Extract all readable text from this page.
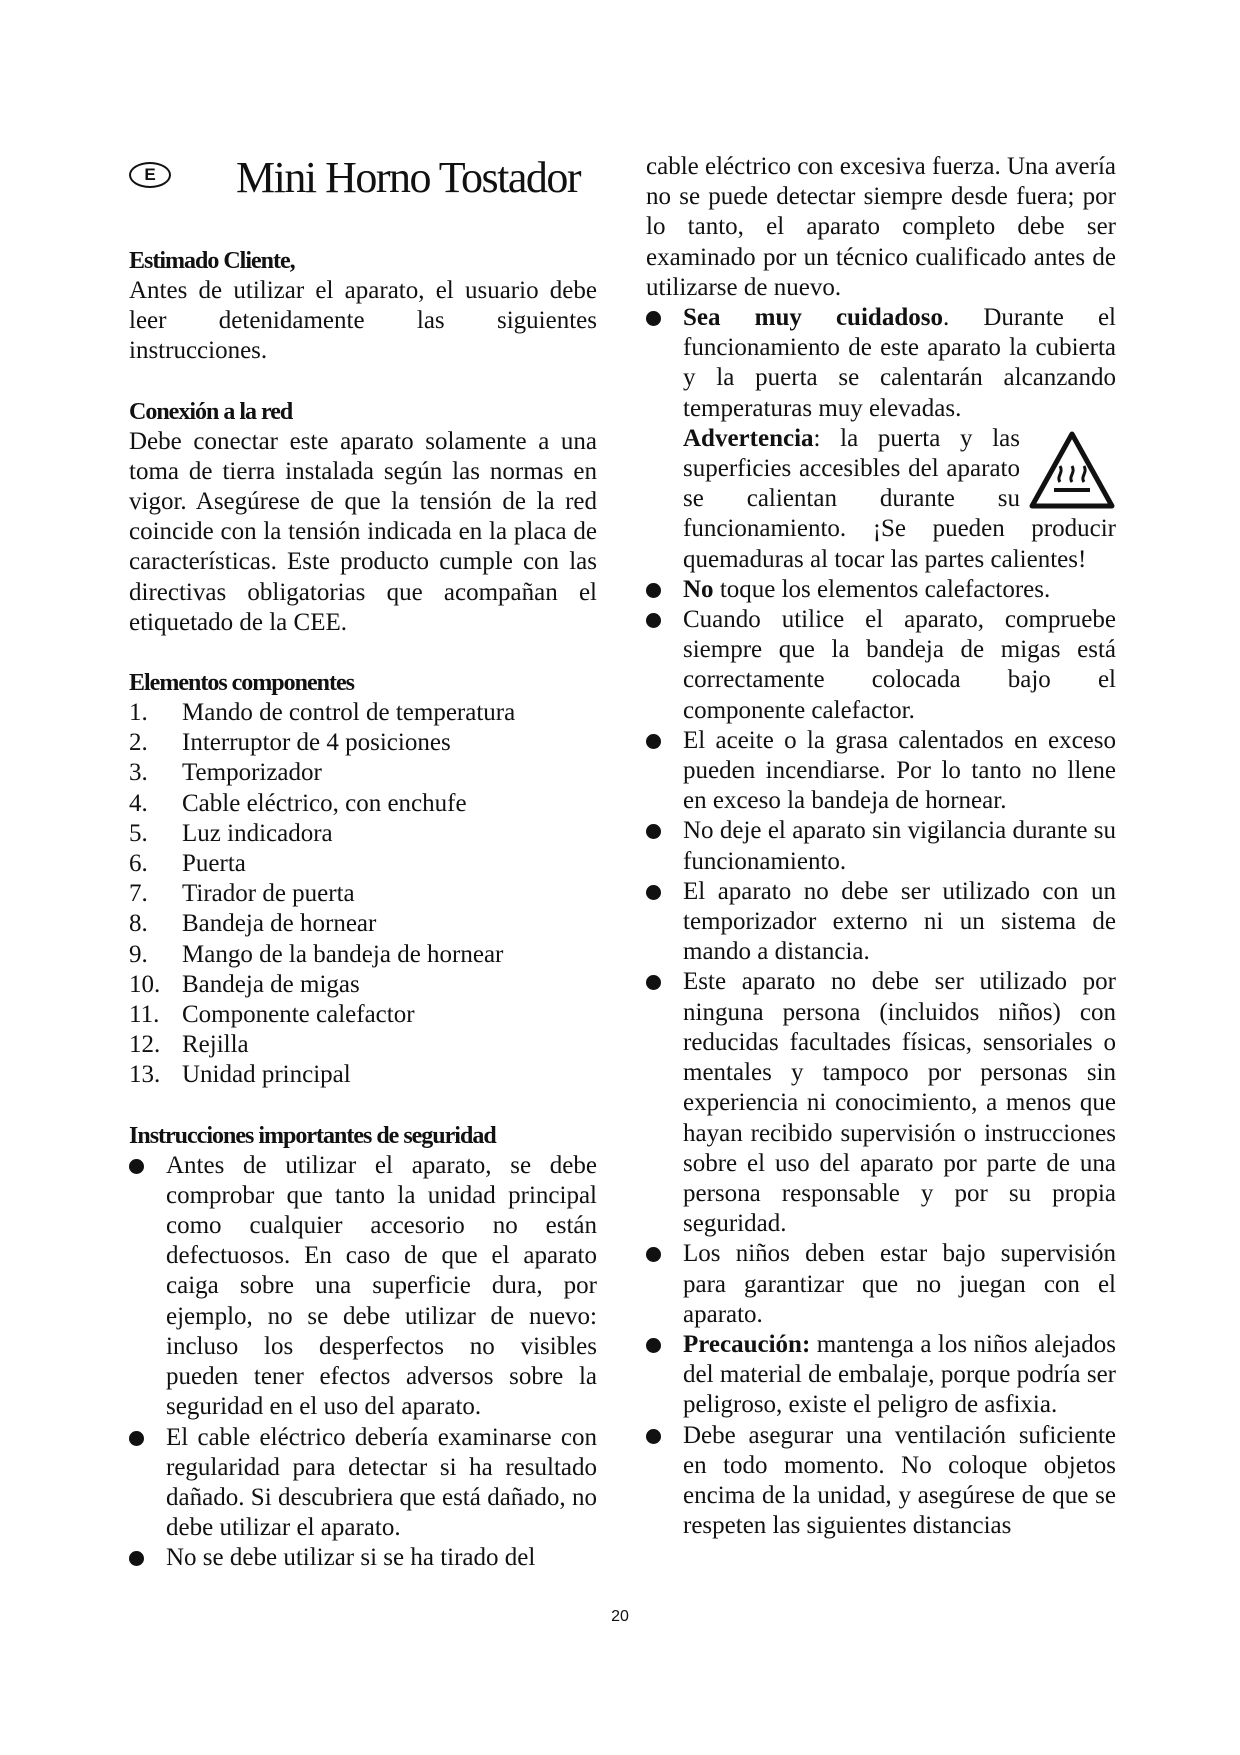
E	Mini Horno Tostador
Estimado Cliente,

Antes de utilizar el aparato, el usuario debe leer detenidamente las siguientes instrucciones.

Conexión a la red

Debe conectar este aparato solamente a una toma de tierra instalada según las normas en vigor. Asegúrese de que la tensión de la red coincide con la tensión indicada en la placa de características. Este producto cumple con las directivas obligatorias que acompañan el etiquetado de la CEE.

Elementos componentes
1.	Mando de control de temperatura
2.	Interruptor de 4 posiciones
3.	Temporizador
4.	Cable eléctrico, con enchufe
5.	Luz indicadora
6.	Puerta
7.	Tirador de puerta
8.	Bandeja de hornear
9.	Mango de la bandeja de hornear
10. Bandeja de migas
11. Componente calefactor
12. Rejilla
13. Unidad principal
Instrucciones importantes de seguridad
Antes de utilizar el aparato, se debe comprobar que tanto la unidad principal como cualquier accesorio no están defectuosos. En caso de que el aparato caiga sobre una superficie dura, por ejemplo, no se debe utilizar de nuevo: incluso los desperfectos no visibles pueden tener efectos adversos sobre la seguridad en el uso del aparato.
El cable eléctrico debería examinarse con regularidad para detectar si ha resultado dañado. Si descubriera que está dañado, no debe utilizar el aparato.
No se debe utilizar si se ha tirado del
cable eléctrico con excesiva fuerza. Una avería no se puede detectar siempre desde fuera; por lo tanto, el aparato completo debe ser examinado por un técnico cualificado antes de utilizarse de nuevo.
Sea muy cuidadoso. Durante el funcionamiento de este aparato la cubierta y la puerta se calentarán alcanzando temperaturas muy elevadas.
Advertencia: la puerta y las superficies accesibles del aparato se calientan durante su funcionamiento. ¡Se pueden producir quemaduras al tocar las partes calientes!
No toque los elementos calefactores.
Cuando utilice el aparato, compruebe siempre que la bandeja de migas está correctamente colocada bajo el componente calefactor.
El aceite o la grasa calentados en exceso pueden incendiarse. Por lo tanto no llene en exceso la bandeja de hornear.
No deje el aparato sin vigilancia durante su funcionamiento.
El aparato no debe ser utilizado con un temporizador externo ni un sistema de mando a distancia.
Este aparato no debe ser utilizado por ninguna persona (incluidos niños) con reducidas facultades físicas, sensoriales o mentales y tampoco por personas sin experiencia ni conocimiento, a menos que hayan recibido supervisión o instrucciones sobre el uso del aparato por parte de una persona responsable y por su propia seguridad.
Los niños deben estar bajo supervisión para garantizar que no juegan con el aparato.
Precaución: mantenga a los niños alejados del material de embalaje, porque podría ser peligroso, existe el peligro de asfixia.
Debe asegurar una ventilación suficiente en todo momento. No coloque objetos encima de la unidad, y asegúrese de que se respeten las siguientes distancias
20
